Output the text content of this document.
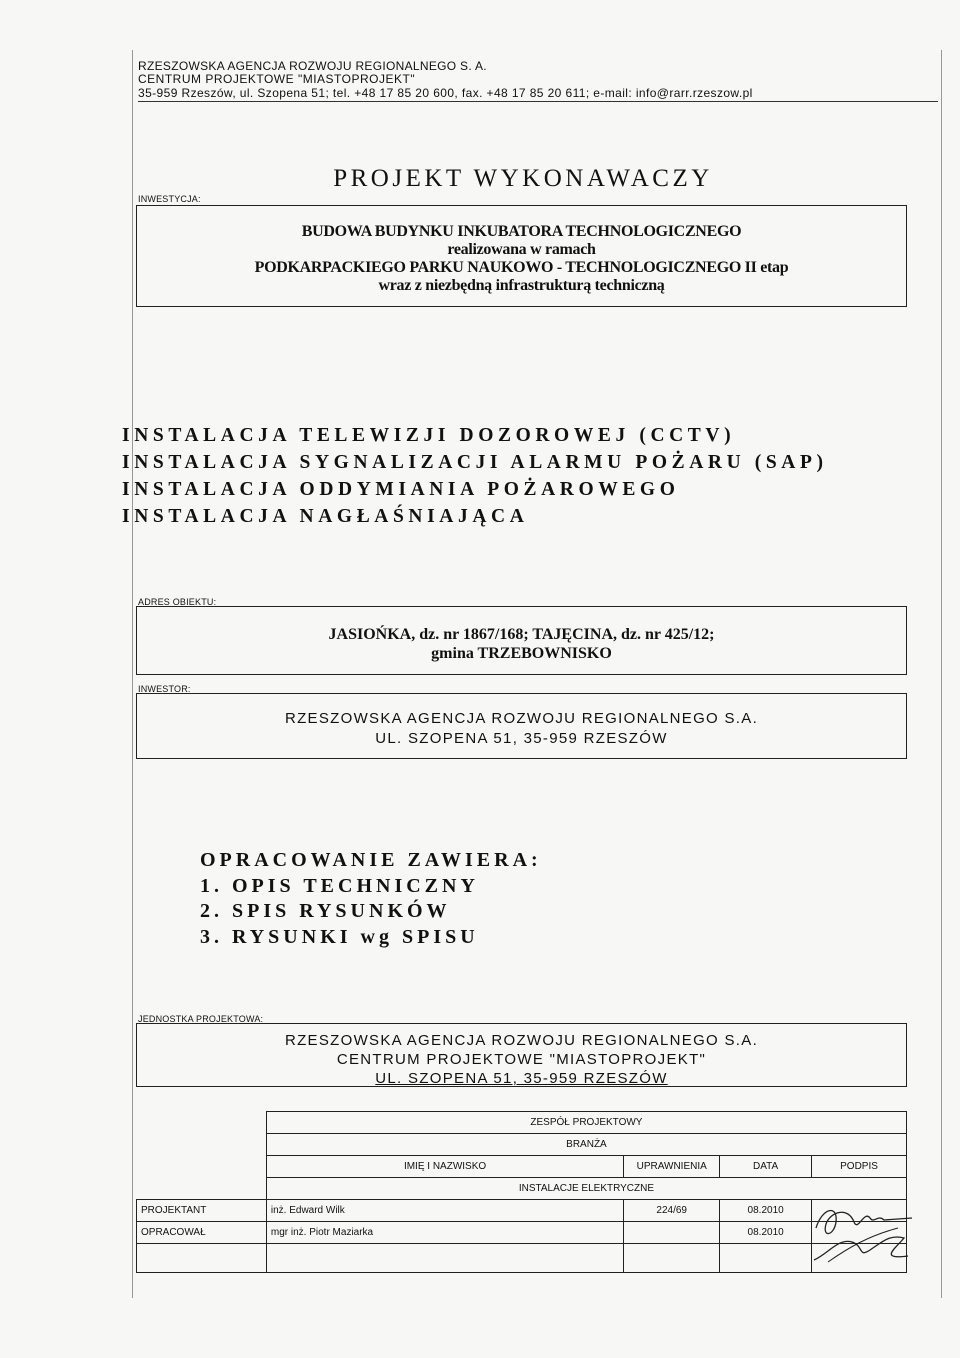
RZESZOWSKA AGENCJA ROZWOJU REGIONALNEGO S. A.
CENTRUM PROJEKTOWE "MIASTOPROJEKT"
35-959 Rzeszów, ul. Szopena 51; tel. +48 17 85 20 600, fax. +48 17 85 20 611; e-mail: info@rarr.rzeszow.pl
PROJEKT WYKONAWACZY
INWESTYCJA:
BUDOWA BUDYNKU INKUBATORA TECHNOLOGICZNEGO
realizowana w ramach
PODKARPACKIEGO PARKU NAUKOWO - TECHNOLOGICZNEGO II etap
wraz z niezbędną infrastrukturą techniczną
INSTALACJA TELEWIZJI DOZOROWEJ (CCTV)
INSTALACJA SYGNALIZACJI ALARMU POŻARU (SAP)
INSTALACJA ODDYMIANIA POŻAROWEGO
INSTALACJA NAGŁAŚNIAJĄCA
ADRES OBIEKTU:
JASIOŃKA, dz. nr 1867/168; TAJĘCINA, dz. nr 425/12;
gmina TRZEBOWNISKO
INWESTOR:
RZESZOWSKA AGENCJA ROZWOJU REGIONALNEGO S.A.
UL. SZOPENA 51, 35-959 RZESZÓW
OPRACOWANIE ZAWIERA:
1. OPIS TECHNICZNY
2. SPIS RYSUNKÓW
3. RYSUNKI wg SPISU
JEDNOSTKA PROJEKTOWA:
RZESZOWSKA AGENCJA ROZWOJU REGIONALNEGO S.A.
CENTRUM PROJEKTOWE "MIASTOPROJEKT"
UL. SZOPENA 51, 35-959 RZESZÓW
	ZESPÓŁ PROJEKTOWY			
	BRANŻA			
	IMIĘ I NAZWISKO	UPRAWNIENIA	DATA	PODPIS
	INSTALACJE ELEKTRYCZNE			
PROJEKTANT	inż. Edward Wilk	224/69	08.2010	
OPRACOWAŁ	mgr inż. Piotr Maziarka		08.2010	
